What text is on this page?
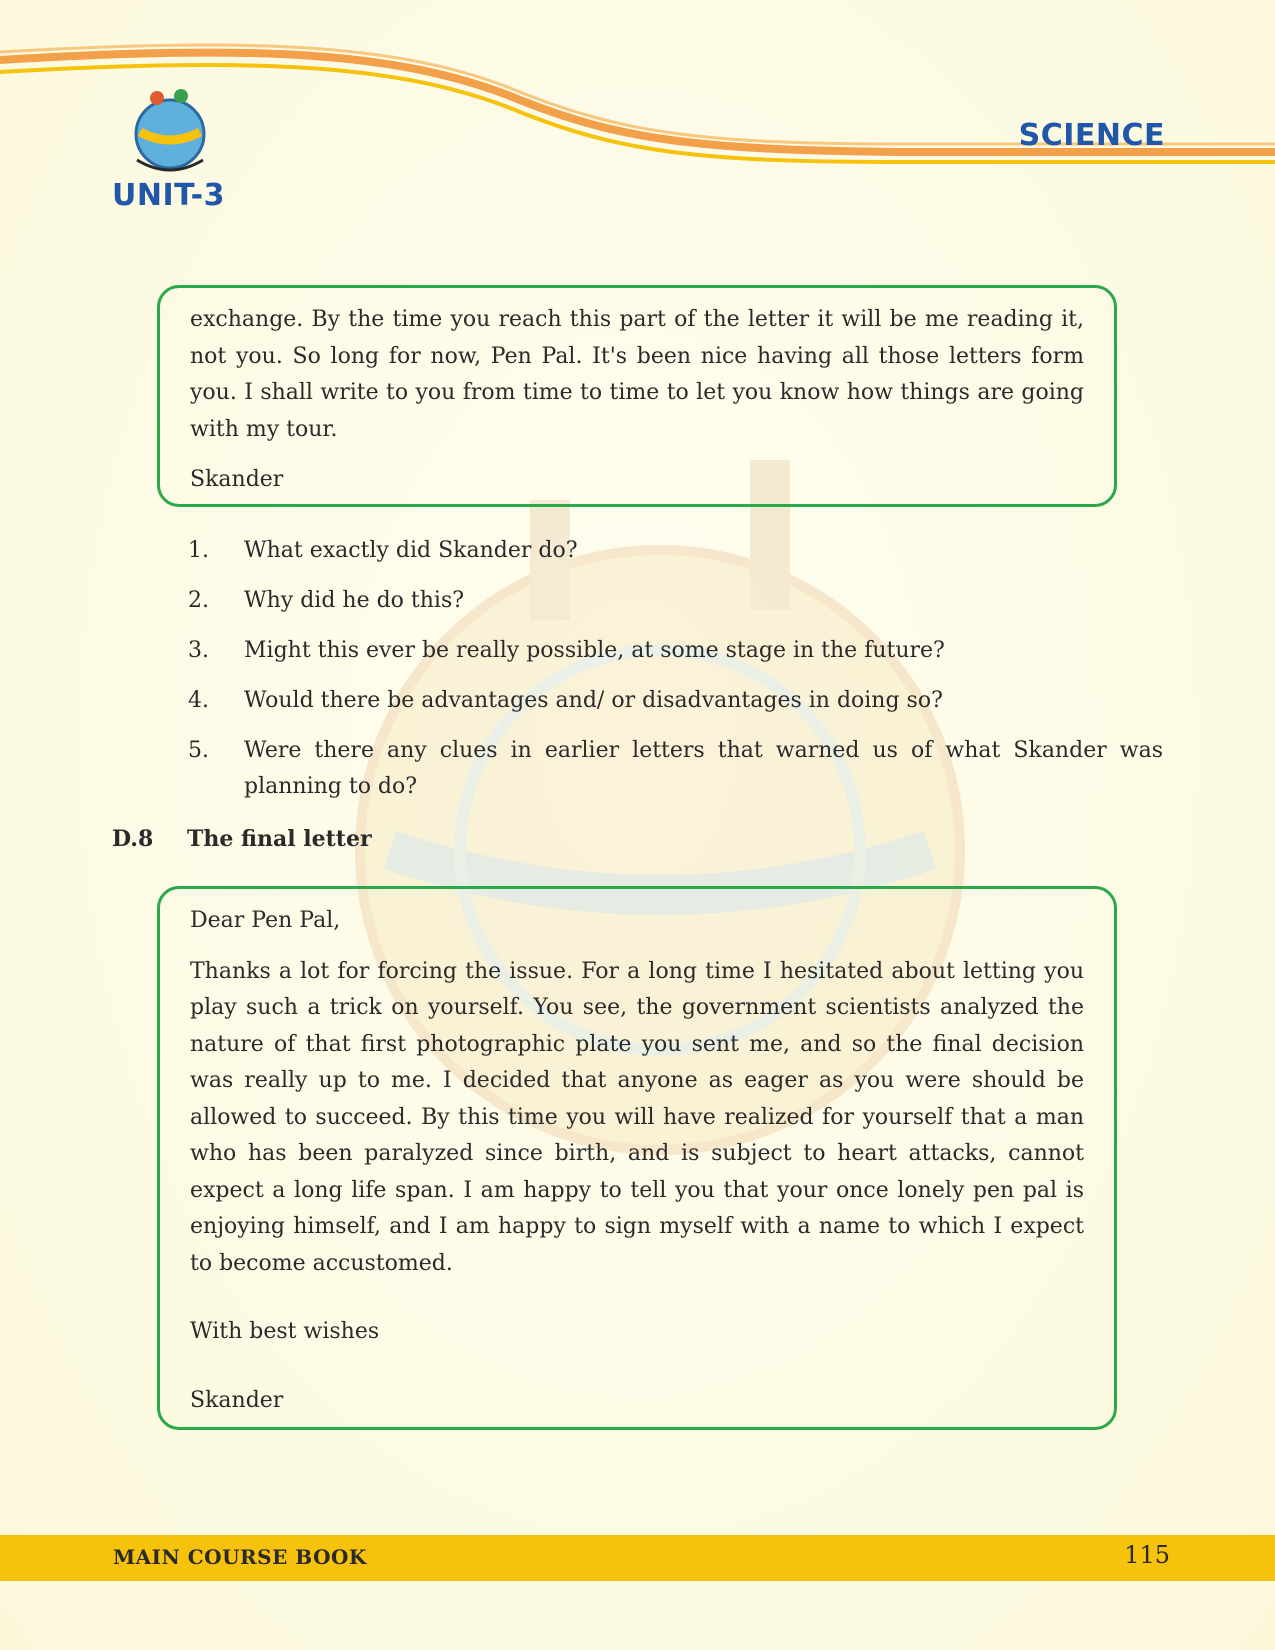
UNIT-3
SCIENCE

exchange. By the time you reach this part of the letter it will be me reading it, not you. So long for now, Pen Pal. It's been nice having all those letters form you. I shall write to you from time to time to let you know how things are going with my tour.

Skander

1.	What exactly did Skander do?
2.	Why did he do this?
3.	Might this ever be really possible, at some stage in the future?
4.	Would there be advantages and/ or disadvantages in doing so?
5.	Were there any clues in earlier letters that warned us of what Skander was planning to do?
D.8	The final letter

Dear Pen Pal,

Thanks a lot for forcing the issue. For a long time I hesitated about letting you play such a trick on yourself. You see, the government scientists analyzed the nature of that first photographic plate you sent me, and so the final decision was really up to me. I decided that anyone as eager as you were should be allowed to succeed. By this time you will have realized for yourself that a man who has been paralyzed since birth, and is subject to heart attacks, cannot expect a long life span. I am happy to tell you that your once lonely pen pal is enjoying himself, and I am happy to sign myself with a name to which I expect to become accustomed.

With best wishes

Skander

MAIN COURSE BOOK	115
